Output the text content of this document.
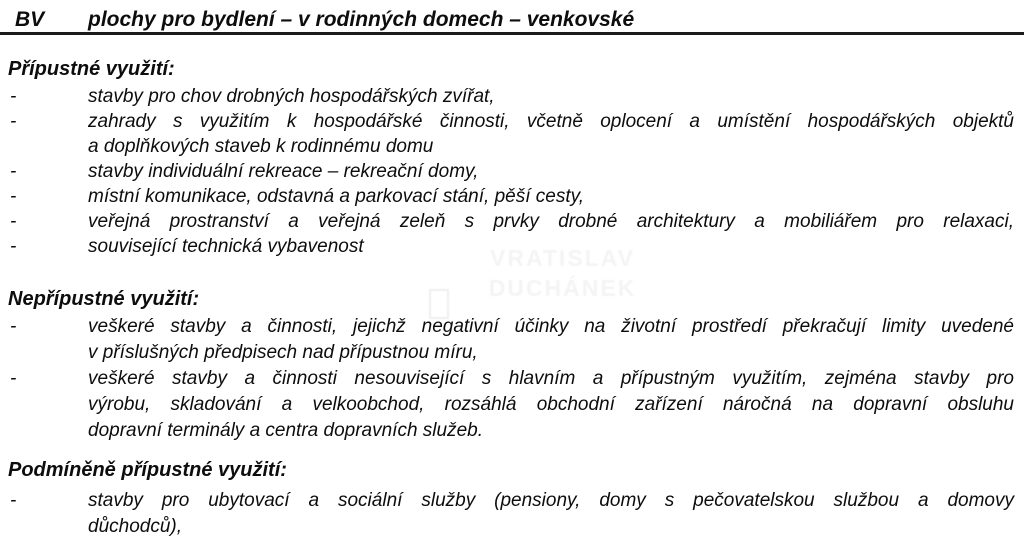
VRATISLAV
DUCHÁNEK
BV plochy pro bydlení – v rodinných domech – venkovské
Přípustné využití:
-	stavby pro chov drobných hospodářských zvířat,
-	zahrady s využitím k hospodářské činnosti, včetně oplocení a umístění hospodářských objektů
a doplňkových staveb k rodinnému domu
-	stavby individuální rekreace – rekreační domy,
-	místní komunikace, odstavná a parkovací stání, pěší cesty,
-	veřejná prostranství a veřejná zeleň s prvky drobné architektury a mobiliářem pro relaxaci,
-	související technická vybavenost
Nepřípustné využití:
-	veškeré stavby a činnosti, jejichž negativní účinky na životní prostředí překračují limity uvedené
v příslušných předpisech nad přípustnou míru,
-	veškeré stavby a činnosti nesouvisející s hlavním a přípustným využitím, zejména stavby pro
výrobu, skladování a velkoobchod, rozsáhlá obchodní zařízení náročná na dopravní obsluhu
dopravní terminály a centra dopravních služeb.
Podmíněně přípustné využití:
-	stavby pro ubytovací a sociální služby (pensiony, domy s pečovatelskou službou a domovy
důchodců),
